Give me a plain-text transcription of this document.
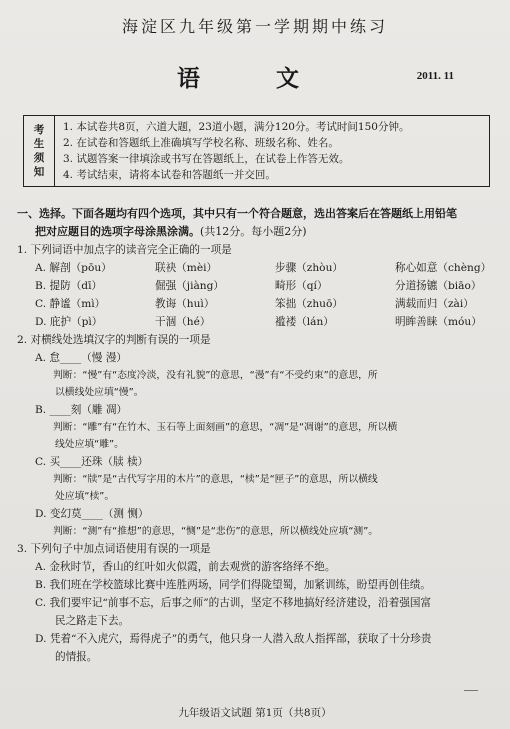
海淀区九年级第一学期期中练习
语 文	2011. 11
考
生
须
知
1. 本试卷共8页，六道大题，23道小题，满分120分。考试时间150分钟。
2. 在试卷和答题纸上准确填写学校名称、班级名称、姓名。
3. 试题答案一律填涂或书写在答题纸上，在试卷上作答无效。
4. 考试结束，请将本试卷和答题纸一并交回。
一、选择。下面各题均有四个选项，其中只有一个符合题意，选出答案后在答题纸上用铅笔
把对应题目的选项字母涂黑涂满。(共12分。每小题2分)
1. 下列词语中加点字的读音完全正确的一项是
A. 解剖（pōu）	联袂（mèi）	步骤（zhòu）	称心如意（chèng）
B. 提防（dī）	倔强（jiàng）	畸形（qí）	分道扬镳（biāo）
C. 静谧（mì）	教诲（huì）	笨拙（zhuō）	满载而归（zài）
D. 庇护（pì）	干涸（hé）	褴褛（lán）	明眸善睐（móu）
2. 对横线处选填汉字的判断有误的一项是
A. 怠____（慢 漫）
判断：“慢”有“态度冷淡，没有礼貌”的意思，“漫”有“不受约束”的意思，所
以横线处应填“慢”。
B. ____刻（雕 凋）
判断：“雕”有“在竹木、玉石等上面刻画”的意思，“凋”是“凋谢”的意思，所以横
线处应填“雕”。
C. 买____还珠（牍 椟）
判断：“牍”是“古代写字用的木片”的意思，“椟”是“匣子”的意思，所以横线
处应填“椟”。
D. 变幻莫____（测 恻）
判断：“测”有“推想”的意思，“恻”是“悲伤”的意思，所以横线处应填“测”。
3. 下列句子中加点词语使用有误的一项是
A. 金秋时节，香山的红叶如火似霞，前去观赏的游客络绎不绝。
B. 我们班在学校篮球比赛中连胜两场，同学们得陇望蜀，加紧训练，盼望再创佳绩。
C. 我们要牢记“前事不忘，后事之师”的古训，坚定不移地搞好经济建设，沿着强国富
民之路走下去。
D. 凭着“不入虎穴，焉得虎子”的勇气，他只身一人潜入敌人指挥部，获取了十分珍贵
的情报。
九年级语文试题 第1页（共8页）
